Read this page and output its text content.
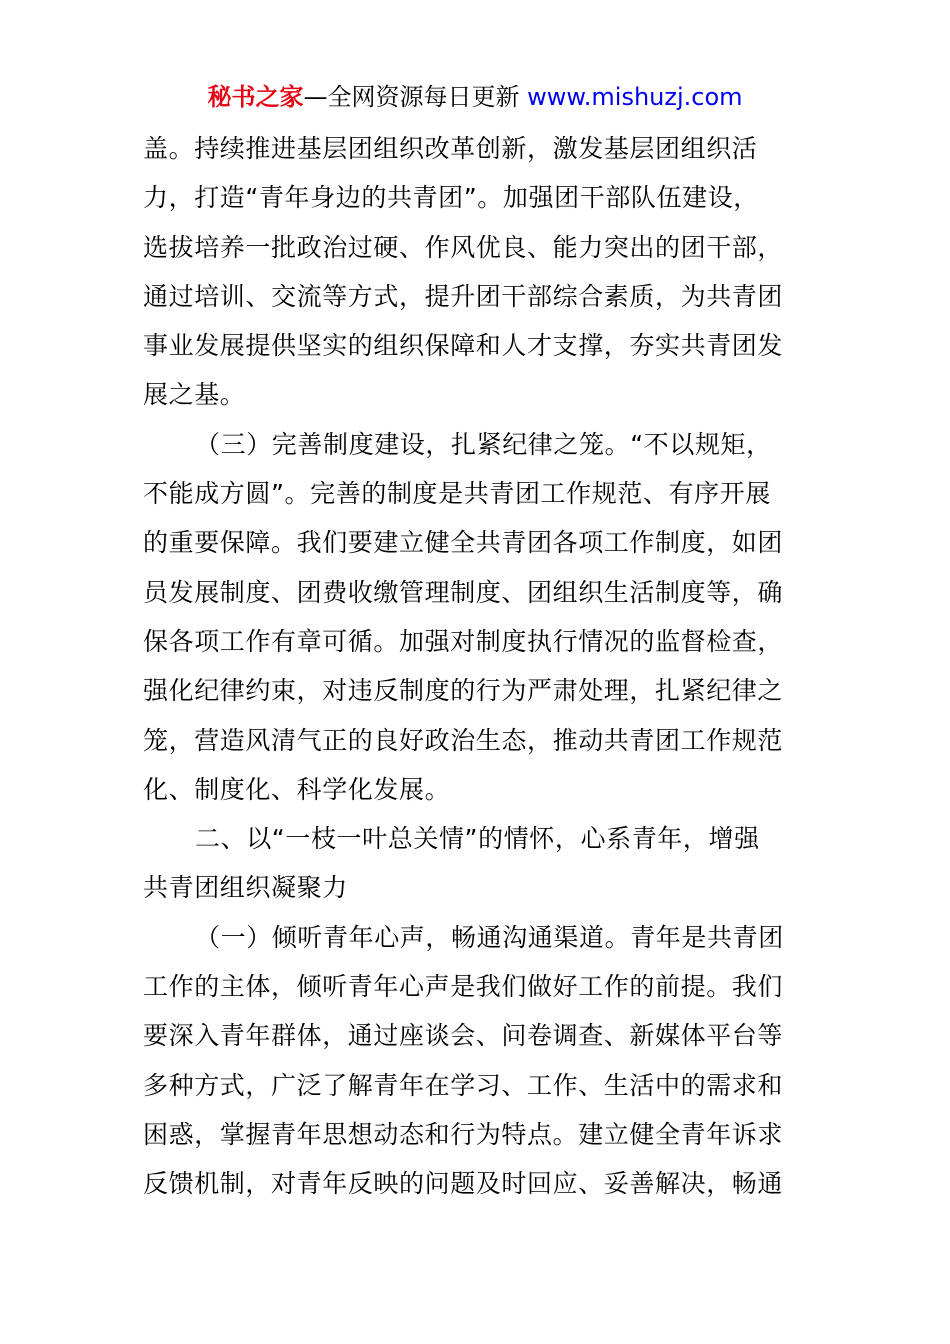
秘书之家—全网资源每日更新 www.mishuzj.com
盖。持续推进基层团组织改革创新，激发基层团组织活
力，打造“青年身边的共青团”。加强团干部队伍建设，
选拔培养一批政治过硬、作风优良、能力突出的团干部，
通过培训、交流等方式，提升团干部综合素质，为共青团
事业发展提供坚实的组织保障和人才支撑，夯实共青团发
展之基。
（三）完善制度建设，扎紧纪律之笼。“不以规矩，
不能成方圆”。完善的制度是共青团工作规范、有序开展
的重要保障。我们要建立健全共青团各项工作制度，如团
员发展制度、团费收缴管理制度、团组织生活制度等，确
保各项工作有章可循。加强对制度执行情况的监督检查，
强化纪律约束，对违反制度的行为严肃处理，扎紧纪律之
笼，营造风清气正的良好政治生态，推动共青团工作规范
化、制度化、科学化发展。
二、以“一枝一叶总关情”的情怀，心系青年，增强
共青团组织凝聚力
（一）倾听青年心声，畅通沟通渠道。青年是共青团
工作的主体，倾听青年心声是我们做好工作的前提。我们
要深入青年群体，通过座谈会、问卷调查、新媒体平台等
多种方式，广泛了解青年在学习、工作、生活中的需求和
困惑，掌握青年思想动态和行为特点。建立健全青年诉求
反馈机制，对青年反映的问题及时回应、妥善解决，畅通
